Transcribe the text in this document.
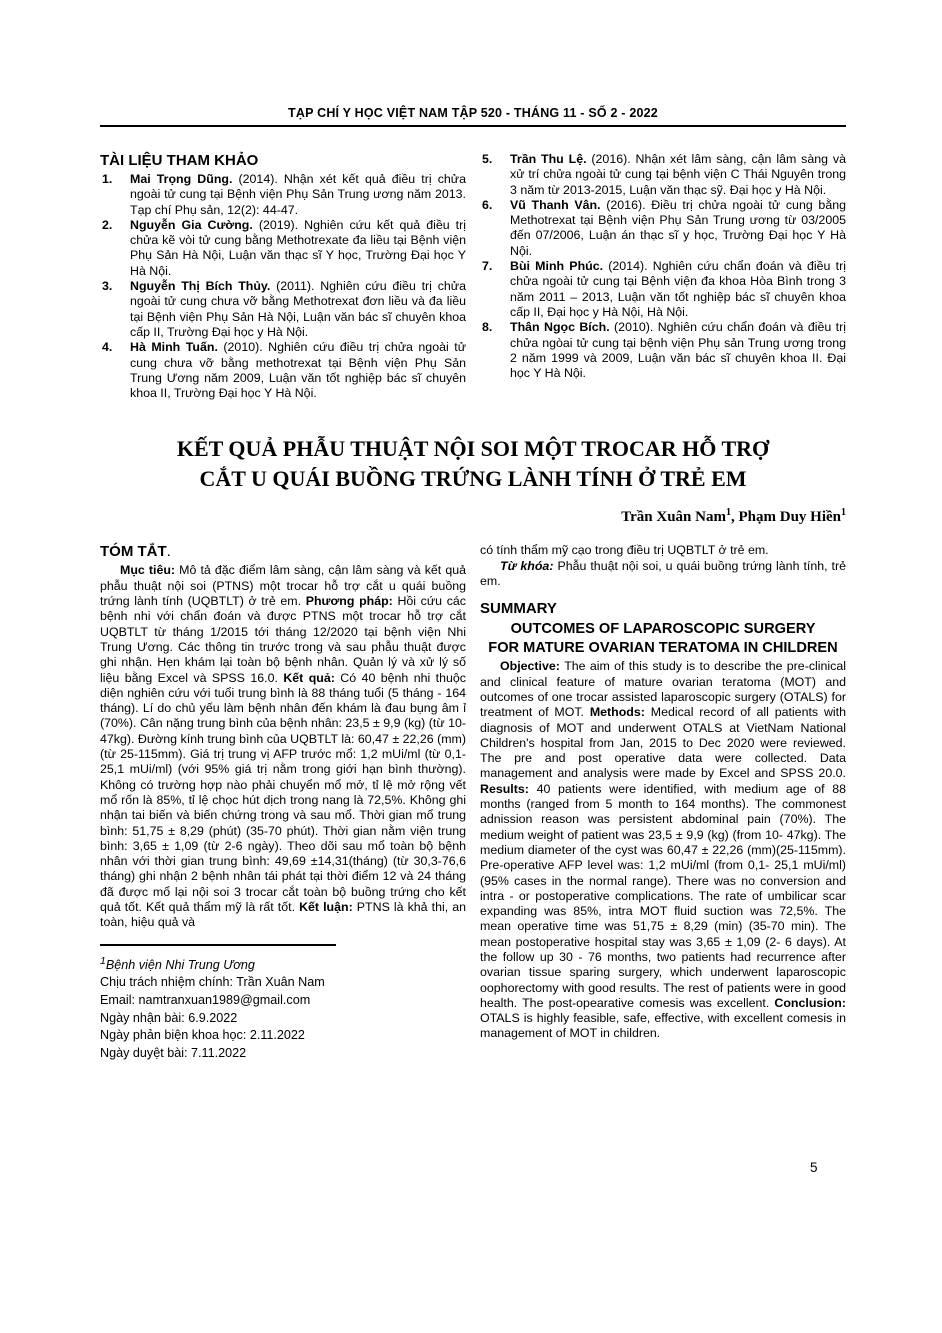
TẠP CHÍ Y HỌC VIỆT NAM TẬP 520 - THÁNG 11 - SỐ 2 - 2022
TÀI LIỆU THAM KHẢO
1. Mai Trọng Dũng. (2014). Nhận xét kết quả điều trị chửa ngoài tử cung tại Bệnh viện Phụ Sản Trung ương năm 2013. Tạp chí Phụ sản, 12(2): 44-47.
2. Nguyễn Gia Cường. (2019). Nghiên cứu kết quả điều trị chửa kẽ vòi tử cung bằng Methotrexate đa liều tại Bệnh viện Phụ Sản Hà Nội, Luận văn thạc sĩ Y học, Trường Đại học Y Hà Nội.
3. Nguyễn Thị Bích Thủy. (2011). Nghiên cứu điều trị chửa ngoài tử cung chưa vỡ bằng Methotrexat đơn liều và đa liều tại Bệnh viện Phụ Sản Hà Nội, Luận văn bác sĩ chuyên khoa cấp II, Trường Đại học y Hà Nội.
4. Hà Minh Tuấn. (2010). Nghiên cứu điều trị chửa ngoài tử cung chưa vỡ bằng methotrexat tại Bệnh viện Phụ Sản Trung Ương năm 2009, Luận văn tốt nghiệp bác sĩ chuyên khoa II, Trường Đại học Y Hà Nội.
5. Trần Thu Lệ. (2016). Nhận xét lâm sàng, cận lâm sàng và xử trí chửa ngoài tử cung tại bệnh viện C Thái Nguyên trong 3 năm từ 2013-2015, Luận văn thạc sỹ. Đại học y Hà Nội.
6. Vũ Thanh Vân. (2016). Điều trị chửa ngoài tử cung bằng Methotrexat tại Bệnh viện Phụ Sản Trung ương từ 03/2005 đến 07/2006, Luận án thạc sĩ y học, Trường Đại học Y Hà Nội.
7. Bùi Minh Phúc. (2014). Nghiên cứu chẩn đoán và điều trị chửa ngoài tử cung tại Bệnh viện đa khoa Hòa Bình trong 3 năm 2011 – 2013, Luận văn tốt nghiệp bác sĩ chuyên khoa cấp II, Đại học y Hà Nội, Hà Nội.
8. Thân Ngọc Bích. (2010). Nghiên cứu chẩn đoán và điều trị chửa ngòai tử cung tại bệnh viện Phụ sản Trung ương trong 2 năm 1999 và 2009, Luận văn bác sĩ chuyên khoa II. Đại học Y Hà Nội.
KẾT QUẢ PHẪU THUẬT NỘI SOI MỘT TROCAR HỖ TRỢ
CẮT U QUÁI BUỒNG TRỨNG LÀNH TÍNH Ở TRẺ EM
Trần Xuân Nam$^1$, Phạm Duy Hiền$^1$
TÓM TẮT.

Mục tiêu: Mô tả đặc điểm lâm sàng, cận lâm sàng và kết quả phẫu thuật nội soi (PTNS) một trocar hỗ trợ cắt u quái buồng trứng lành tính (UQBTLT) ở trẻ em. Phương pháp: Hồi cứu các bệnh nhi với chẩn đoán và được PTNS một trocar hỗ trợ cắt UQBTLT từ tháng 1/2015 tới tháng 12/2020 tại bệnh viện Nhi Trung Ương. Các thông tin trước trong và sau phẫu thuật được ghi nhận. Hẹn khám lại toàn bộ bệnh nhân. Quản lý và xử lý số liệu bằng Excel và SPSS 16.0. Kết quả: Có 40 bệnh nhi thuộc diện nghiên cứu với tuổi trung bình là 88 tháng tuổi (5 tháng - 164 tháng). Lí do chủ yếu làm bệnh nhân đến khám là đau bụng âm ỉ (70%). Cân nặng trung bình của bệnh nhân: 23,5 ± 9,9 (kg) (từ 10- 47kg). Đường kính trung bình của UQBTLT là: 60,47 ± 22,26 (mm) (từ 25-115mm). Giá trị trung vị AFP trước mổ: 1,2 mUi/ml (từ 0,1- 25,1 mUi/ml) (với 95% giá trị nằm trong giới hạn bình thường). Không có trường hợp nào phải chuyển mổ mở, tỉ lệ mở rộng vết mổ rốn là 85%, tỉ lệ chọc hút dịch trong nang là 72,5%. Không ghi nhận tai biến và biến chứng trong và sau mổ. Thời gian mổ trung bình: 51,75 ± 8,29 (phút) (35-70 phút). Thời gian nằm viện trung bình: 3,65 ± 1,09 (từ 2-6 ngày). Theo dõi sau mổ toàn bộ bệnh nhân với thời gian trung bình: 49,69 ±14,31(tháng) (từ 30,3-76,6 tháng) ghi nhận 2 bệnh nhân tái phát tại thời điểm 12 và 24 tháng đã được mổ lại nội soi 3 trocar cắt toàn bộ buồng trứng cho kết quả tốt. Kết quả thẩm mỹ là rất tốt. Kết luận: PTNS là khả thi, an toàn, hiệu quả và

$^1$Bệnh viện Nhi Trung Ương
Chịu trách nhiệm chính: Trần Xuân Nam
Email: namtranxuan1989@gmail.com
Ngày nhận bài: 6.9.2022
Ngày phản biện khoa học: 2.11.2022
Ngày duyệt bài: 7.11.2022

có tính thẩm mỹ cạo trong điều trị UQBTLT ở trẻ em.

Từ khóa: Phẫu thuật nội soi, u quái buồng trứng lành tính, trẻ em.

SUMMARY
OUTCOMES OF LAPAROSCOPIC SURGERY
FOR MATURE OVARIAN TERATOMA IN CHILDREN

Objective: The aim of this study is to describe the pre-clinical and clinical feature of mature ovarian teratoma (MOT) and outcomes of one trocar assisted laparoscopic surgery (OTALS) for treatment of MOT. Methods: Medical record of all patients with diagnosis of MOT and underwent OTALS at VietNam National Children's hospital from Jan, 2015 to Dec 2020 were reviewed. The pre and post operative data were collected. Data management and analysis were made by Excel and SPSS 20.0. Results: 40 patients were identified, with medium age of 88 months (ranged from 5 month to 164 months). The commonest adnission reason was persistent abdominal pain (70%). The medium weight of patient was 23,5 ± 9,9 (kg) (from 10- 47kg). The medium diameter of the cyst was 60,47 ± 22,26 (mm)(25-115mm). Pre-operative AFP level was: 1,2 mUi/ml (from 0,1- 25,1 mUi/ml) (95% cases in the normal range). There was no conversion and intra - or postoperative complications. The rate of umbilicar scar expanding was 85%, intra MOT fluid suction was 72,5%. The mean operative time was 51,75 ± 8,29 (min) (35-70 min). The mean postoperative hospital stay was 3,65 ± 1,09 (2- 6 days). At the follow up 30 - 76 months, two patients had recurrence after ovarian tissue sparing surgery, which underwent laparoscopic oophorectomy with good results. The rest of patients were in good health. The post-opearative comesis was excellent. Conclusion: OTALS is highly feasible, safe, effective, with excellent comesis in management of MOT in children.

5
